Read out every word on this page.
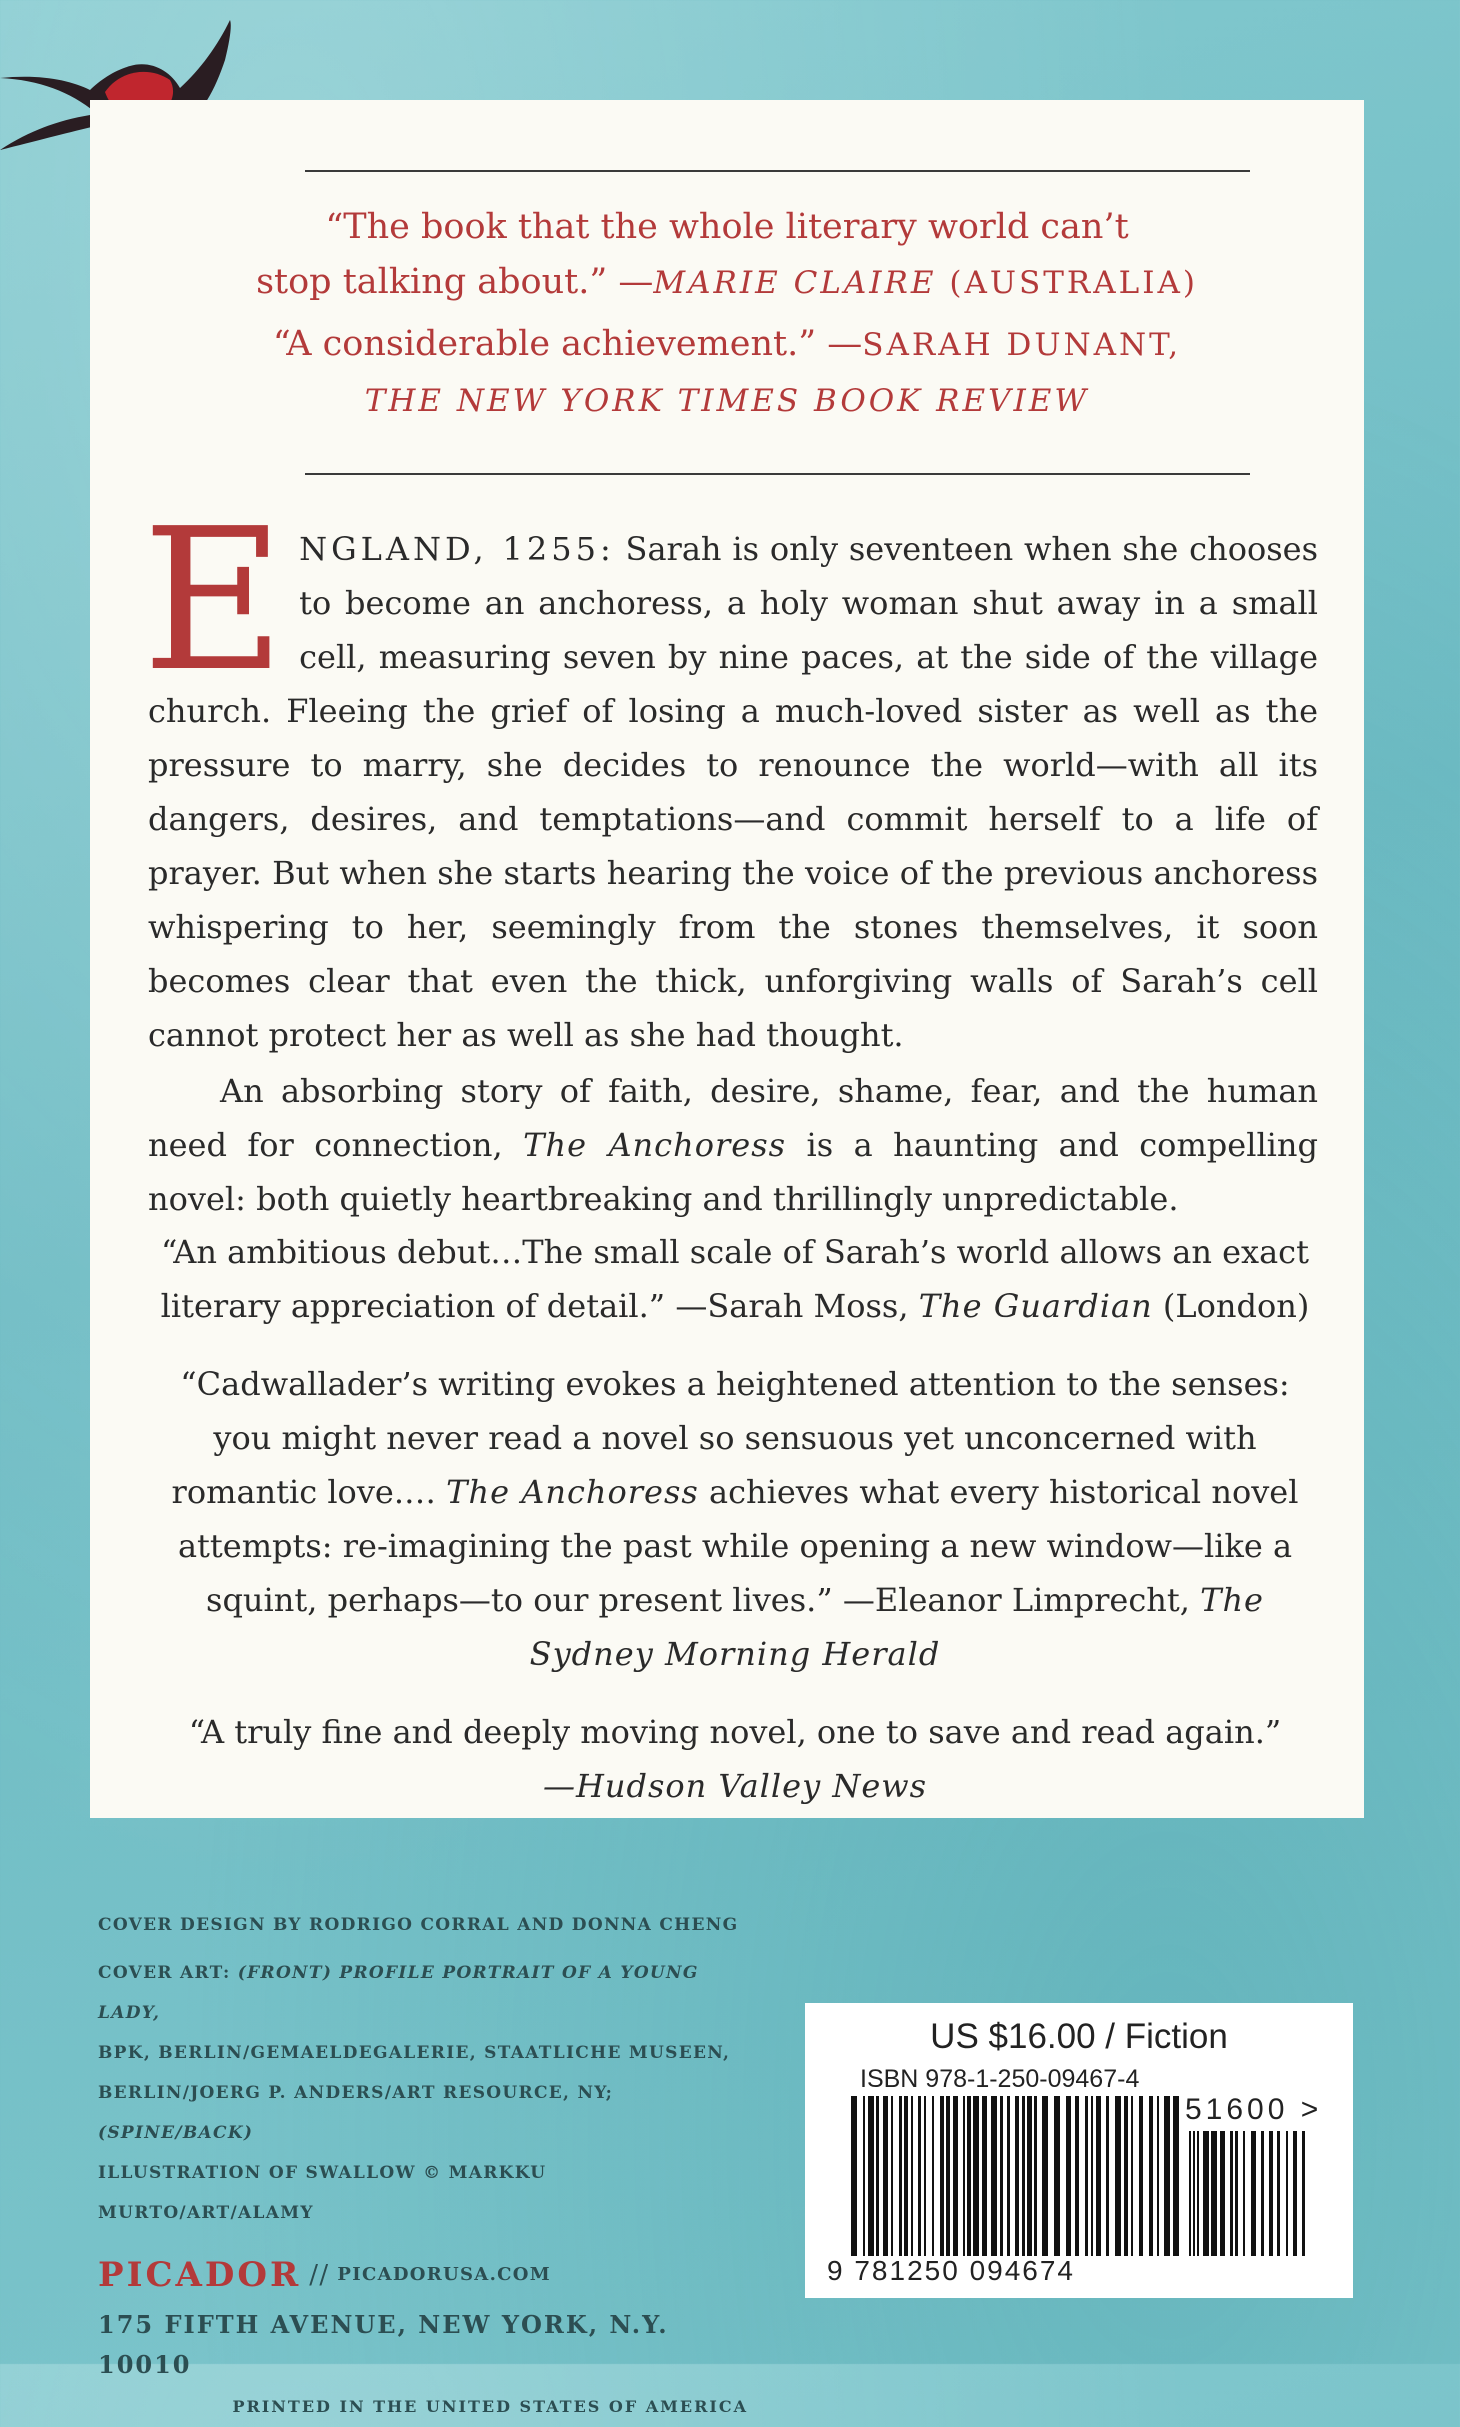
“The book that the whole literary world can’t
stop talking about.” —MARIE CLAIRE (AUSTRALIA)
“A considerable achievement.” —SARAH DUNANT,
THE NEW YORK TIMES BOOK REVIEW

ENGLAND, 1255: Sarah is only seventeen when she chooses to become an anchoress, a holy woman shut away in a small cell, measuring seven by nine paces, at the side of the village church. Fleeing the grief of losing a much-loved sister as well as the pressure to marry, she decides to renounce the world—with all its dangers, desires, and temptations—and commit herself to a life of prayer. But when she starts hearing the voice of the previous anchoress whispering to her, seemingly from the stones themselves, it soon becomes clear that even the thick, unforgiving walls of Sarah’s cell cannot protect her as well as she had thought.

An absorbing story of faith, desire, shame, fear, and the human need for connection, The Anchoress is a haunting and compelling novel: both quietly heartbreaking and thrillingly unpredictable.

“An ambitious debut…The small scale of Sarah’s world allows an exact literary appreciation of detail.” —Sarah Moss, The Guardian (London)
“Cadwallader’s writing evokes a heightened attention to the senses: you might never read a novel so sensuous yet unconcerned with romantic love.… The Anchoress achieves what every historical novel attempts: re-imagining the past while opening a new window—like a squint, perhaps—to our present lives.” —Eleanor Limprecht, The Sydney Morning Herald
“A truly fine and deeply moving novel, one to save and read again.”
—Hudson Valley News
COVER DESIGN BY RODRIGO CORRAL AND DONNA CHENG
COVER ART: (FRONT) PROFILE PORTRAIT OF A YOUNG LADY,
BPK, BERLIN/GEMAELDEGALERIE, STAATLICHE MUSEEN,
BERLIN/JOERG P. ANDERS/ART RESOURCE, NY; (SPINE/BACK)
ILLUSTRATION OF SWALLOW © MARKKU MURTO/ART/ALAMY
PICADOR // PICADORUSA.COM
175 FIFTH AVENUE, NEW YORK, N.Y. 10010
PRINTED IN THE UNITED STATES OF AMERICA
US $16.00 / Fiction
ISBN 978-1-250-09467-4
51600 >
9 781250 094674
